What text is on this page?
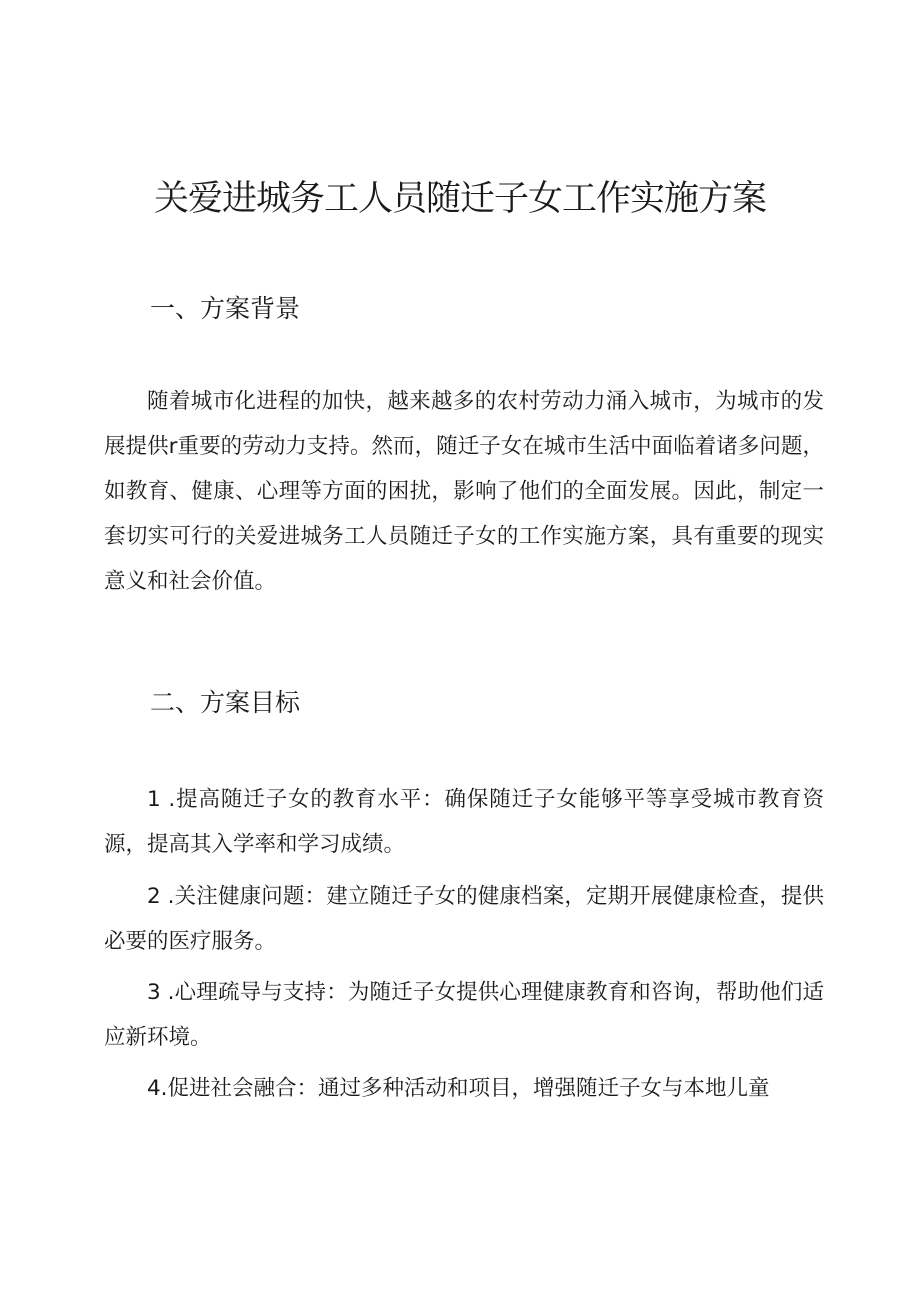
关爱进城务工人员随迁子女工作实施方案
一、方案背景

随着城市化进程的加快，越来越多的农村劳动力涌入城市，为城市的发展提供r重要的劳动力支持。然而，随迁子女在城市生活中面临着诸多问题，如教育、健康、心理等方面的困扰，影响了他们的全面发展。因此，制定一套切实可行的关爱进城务工人员随迁子女的工作实施方案，具有重要的现实意义和社会价值。

二、方案目标

1 .提高随迁子女的教育水平：确保随迁子女能够平等享受城市教育资源，提高其入学率和学习成绩。

2 .关注健康问题：建立随迁子女的健康档案，定期开展健康检查，提供必要的医疗服务。

3 .心理疏导与支持：为随迁子女提供心理健康教育和咨询，帮助他们适应新环境。

4.促进社会融合：通过多种活动和项目，增强随迁子女与本地儿童
